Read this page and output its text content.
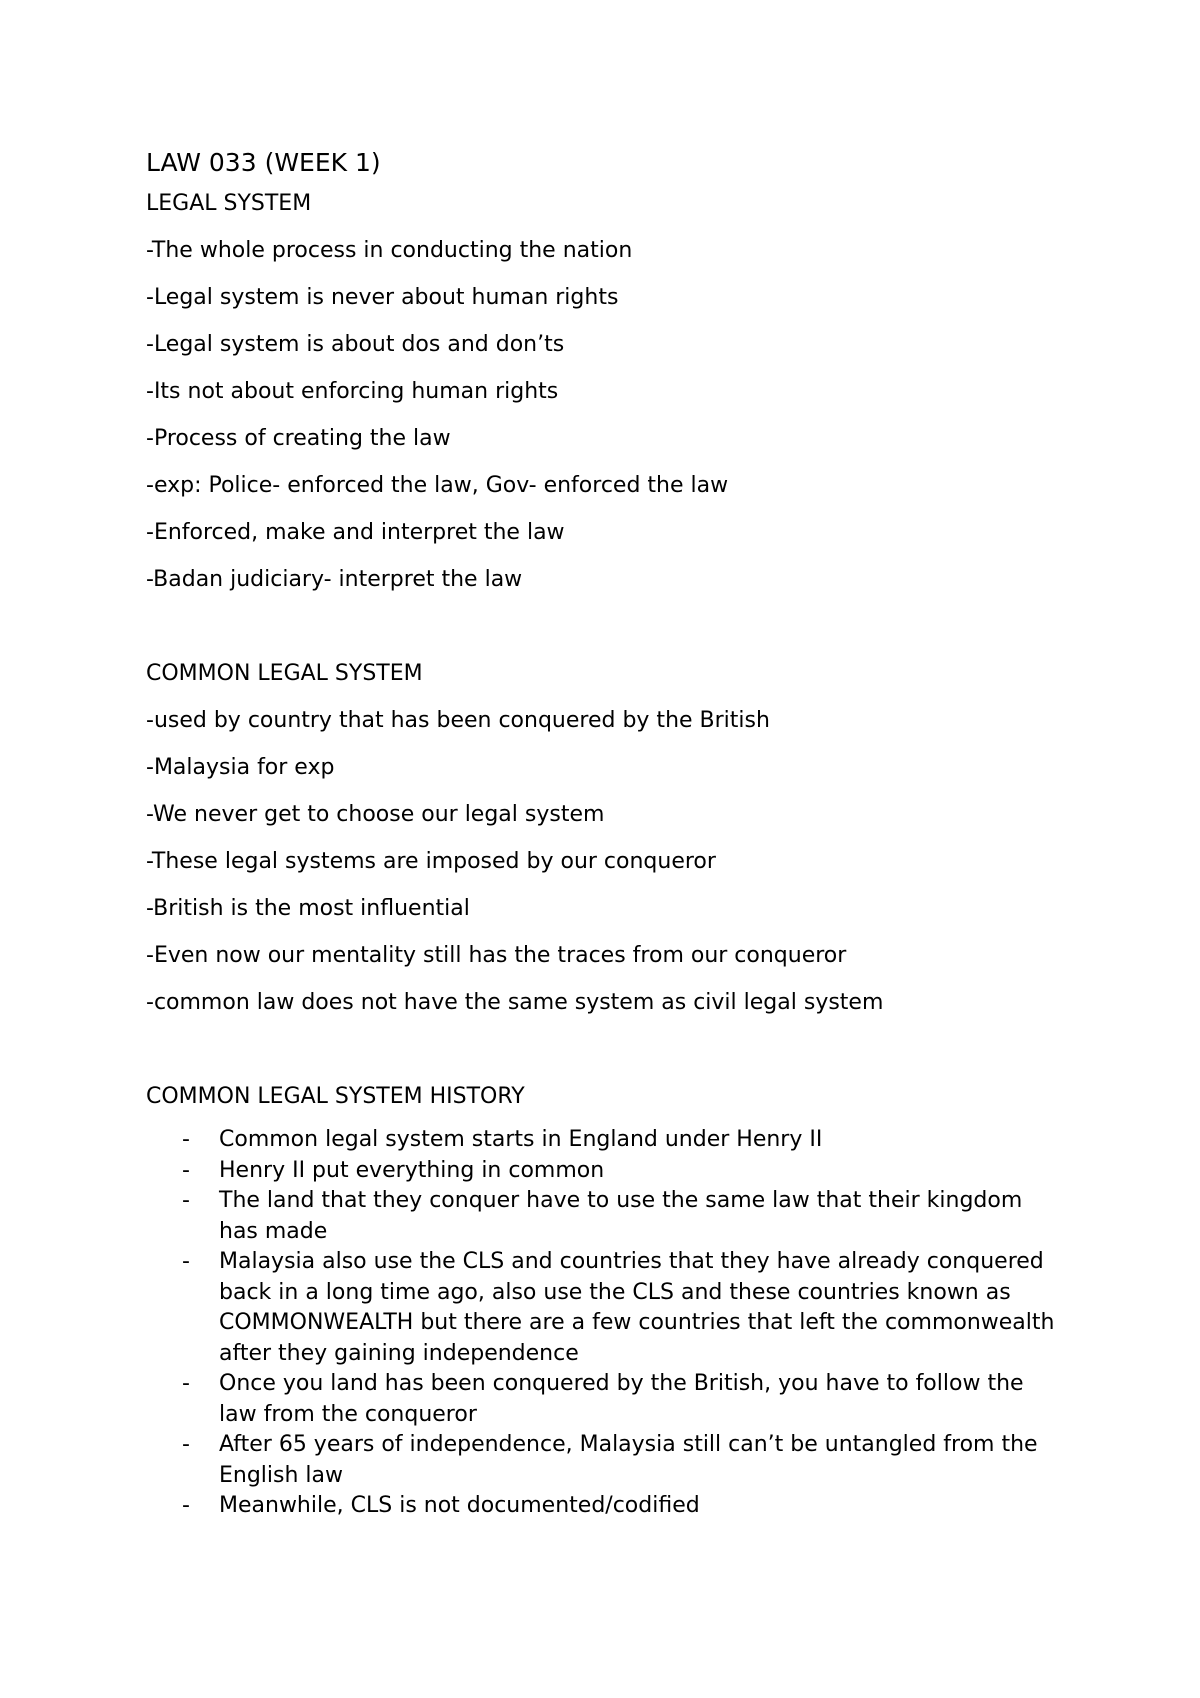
LAW 033 (WEEK 1)
LEGAL SYSTEM
-The whole process in conducting the nation
-Legal system is never about human rights
-Legal system is about dos and don’ts
-Its not about enforcing human rights
-Process of creating the law
-exp: Police- enforced the law, Gov- enforced the law
-Enforced, make and interpret the law
-Badan judiciary- interpret the law
COMMON LEGAL SYSTEM
-used by country that has been conquered by the British
-Malaysia for exp
-We never get to choose our legal system
-These legal systems are imposed by our conqueror
-British is the most influential
-Even now our mentality still has the traces from our conqueror
-common law does not have the same system as civil legal system
COMMON LEGAL SYSTEM HISTORY
- Common legal system starts in England under Henry II
- Henry II put everything in common
- The land that they conquer have to use the same law that their kingdom has made
- Malaysia also use the CLS and countries that they have already conquered back in a long time ago, also use the CLS and these countries known as COMMONWEALTH but there are a few countries that left the commonwealth after they gaining independence
- Once you land has been conquered by the British, you have to follow the law from the conqueror
- After 65 years of independence, Malaysia still can’t be untangled from the English law
- Meanwhile, CLS is not documented/codified
